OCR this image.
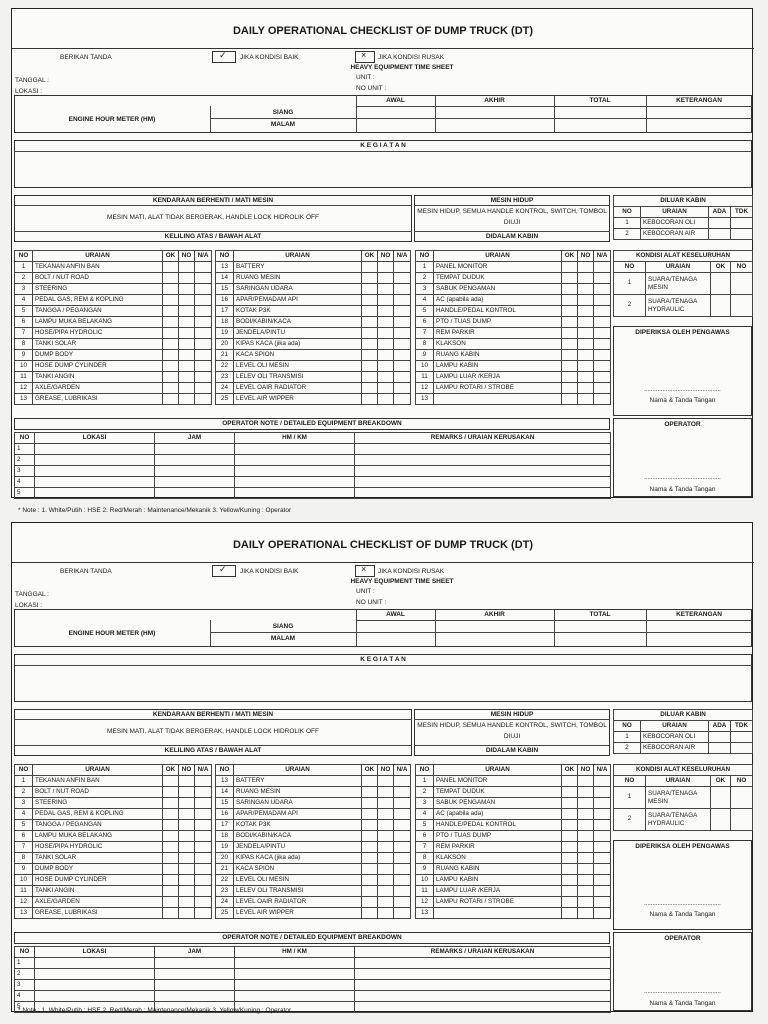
DAILY OPERATIONAL CHECKLIST OF DUMP TRUCK (DT)
BERIKAN TANDA	✓ JIKA KONDISI BAIK	× JIKA KONDISI RUSAK
HEAVY EQUIPMENT TIME SHEET
TANGGAL :
LOKASI :
UNIT :
NO UNIT :
AWAL	AKHIR	TOTAL	KETERANGAN
ENGINE HOUR METER (HM)
SIANG
MALAM
K E G I A T A N
KENDARAAN BERHENTI / MATI MESIN
MESIN MATI, ALAT TIDAK BERGERAK, HANDLE LOCK HIDROLIK OFF
KELILING ATAS / BAWAH ALAT
MESIN HIDUP
MESIN HIDUP, SEMUA HANDLE KONTROL, SWITCH, TOMBOL
DIUJI
DIDALAM KABIN
DILUAR KABIN			
NO	URAIAN	ADA	TDK
1	KEBOCORAN OLI		
2	KEBOCORAN AIR		
NO	URAIAN	OK	NO	N/A
1	TEKANAN ANFIN BAN			
2	BOLT / NUT ROAD			
3	STEERING			
4	PEDAL GAS, REM & KOPLING			
5	TANGGA / PEGANGAN			
6	LAMPU MUKA BELAKANG			
7	HOSE/PIPA HYDROLIC			
8	TANKI SOLAR			
9	DUMP BODY			
10	HOSE DUMP CYLINDER			
11	TANKI ANGIN			
12	AXLE/GARDEN			
13	GREASE, LUBRIKASI			
NO	URAIAN	OK	NO	N/A
13	BATTERY			
14	RUANG MESIN			
15	SARINGAN UDARA			
16	APAR/PEMADAM API			
17	KOTAK P3K			
18	BODI/KABIN/KACA			
19	JENDELA/PINTU			
20	KIPAS KACA (jika ada)			
21	KACA SPION			
22	LEVEL OLI MESIN			
23	LELEV OLI TRANSMISI			
24	LEVEL OAIR RADIATOR			
25	LEVEL AIR WIPPER			
NO	URAIAN	OK	NO	N/A
1	PANEL MONITOR			
2	TEMPAT DUDUK			
3	SABUK PENGAMAN			
4	AC (apabila ada)			
5	HANDLE/PEDAL KONTROL			
6	PTO / TUAS DUMP			
7	REM PARKIR			
8	KLAKSON			
9	RUANG KABIN			
10	LAMPU KABIN			
11	LAMPU LUAR /KERJA			
12	LAMPU ROTARI / STROBE			
13				
KONDISI ALAT KESELURUHAN			
NO	URAIAN	OK	NO
1	SUARA/TENAGA
MESIN		
2	SUARA/TENAGA
HYDRAULIC		
DIPERIKSA OLEH PENGAWAS
..............................................
Nama & Tanda Tangan
OPERATOR
..............................................
Nama & Tanda Tangan
OPERATOR NOTE / DETAILED EQUIPMENT BREAKDOWN
NO	LOKASI	JAM	HM / KM	REMARKS / URAIAN KERUSAKAN
1				
2				
3				
4				
5				
DAILY OPERATIONAL CHECKLIST OF DUMP TRUCK (DT)
BERIKAN TANDA	✓ JIKA KONDISI BAIK	× JIKA KONDISI RUSAK
HEAVY EQUIPMENT TIME SHEET
TANGGAL :
LOKASI :
UNIT :
NO UNIT :
AWAL	AKHIR	TOTAL	KETERANGAN
ENGINE HOUR METER (HM)
SIANG
MALAM
K E G I A T A N
KENDARAAN BERHENTI / MATI MESIN
MESIN MATI, ALAT TIDAK BERGERAK, HANDLE LOCK HIDROLIK OFF
KELILING ATAS / BAWAH ALAT
MESIN HIDUP
MESIN HIDUP, SEMUA HANDLE KONTROL, SWITCH, TOMBOL
DIUJI
DIDALAM KABIN
DILUAR KABIN			
NO	URAIAN	ADA	TDK
1	KEBOCORAN OLI		
2	KEBOCORAN AIR		
NO	URAIAN	OK	NO	N/A
1	TEKANAN ANFIN BAN			
2	BOLT / NUT ROAD			
3	STEERING			
4	PEDAL GAS, REM & KOPLING			
5	TANGGA / PEGANGAN			
6	LAMPU MUKA BELAKANG			
7	HOSE/PIPA HYDROLIC			
8	TANKI SOLAR			
9	DUMP BODY			
10	HOSE DUMP CYLINDER			
11	TANKI ANGIN			
12	AXLE/GARDEN			
13	GREASE, LUBRIKASI			
NO	URAIAN	OK	NO	N/A
13	BATTERY			
14	RUANG MESIN			
15	SARINGAN UDARA			
16	APAR/PEMADAM API			
17	KOTAK P3K			
18	BODI/KABIN/KACA			
19	JENDELA/PINTU			
20	KIPAS KACA (jika ada)			
21	KACA SPION			
22	LEVEL OLI MESIN			
23	LELEV OLI TRANSMISI			
24	LEVEL OAIR RADIATOR			
25	LEVEL AIR WIPPER			
NO	URAIAN	OK	NO	N/A
1	PANEL MONITOR			
2	TEMPAT DUDUK			
3	SABUK PENGAMAN			
4	AC (apabila ada)			
5	HANDLE/PEDAL KONTROL			
6	PTO / TUAS DUMP			
7	REM PARKIR			
8	KLAKSON			
9	RUANG KABIN			
10	LAMPU KABIN			
11	LAMPU LUAR /KERJA			
12	LAMPU ROTARI / STROBE			
13				
KONDISI ALAT KESELURUHAN			
NO	URAIAN	OK	NO
1	SUARA/TENAGA
MESIN		
2	SUARA/TENAGA
HYDRAULIC		
DIPERIKSA OLEH PENGAWAS
..............................................
Nama & Tanda Tangan
OPERATOR
..............................................
Nama & Tanda Tangan
OPERATOR NOTE / DETAILED EQUIPMENT BREAKDOWN
NO	LOKASI	JAM	HM / KM	REMARKS / URAIAN KERUSAKAN
1				
2				
3				
4				
5				
* Note : 1. White/Putih : HSE 2. Red/Merah : Maintenance/Mekanik 3. Yellow/Kuning : Operator
* Note : 1. White/Putih : HSE 2. Red/Merah : Maintenance/Mekanik 3. Yellow/Kuning : Operator
